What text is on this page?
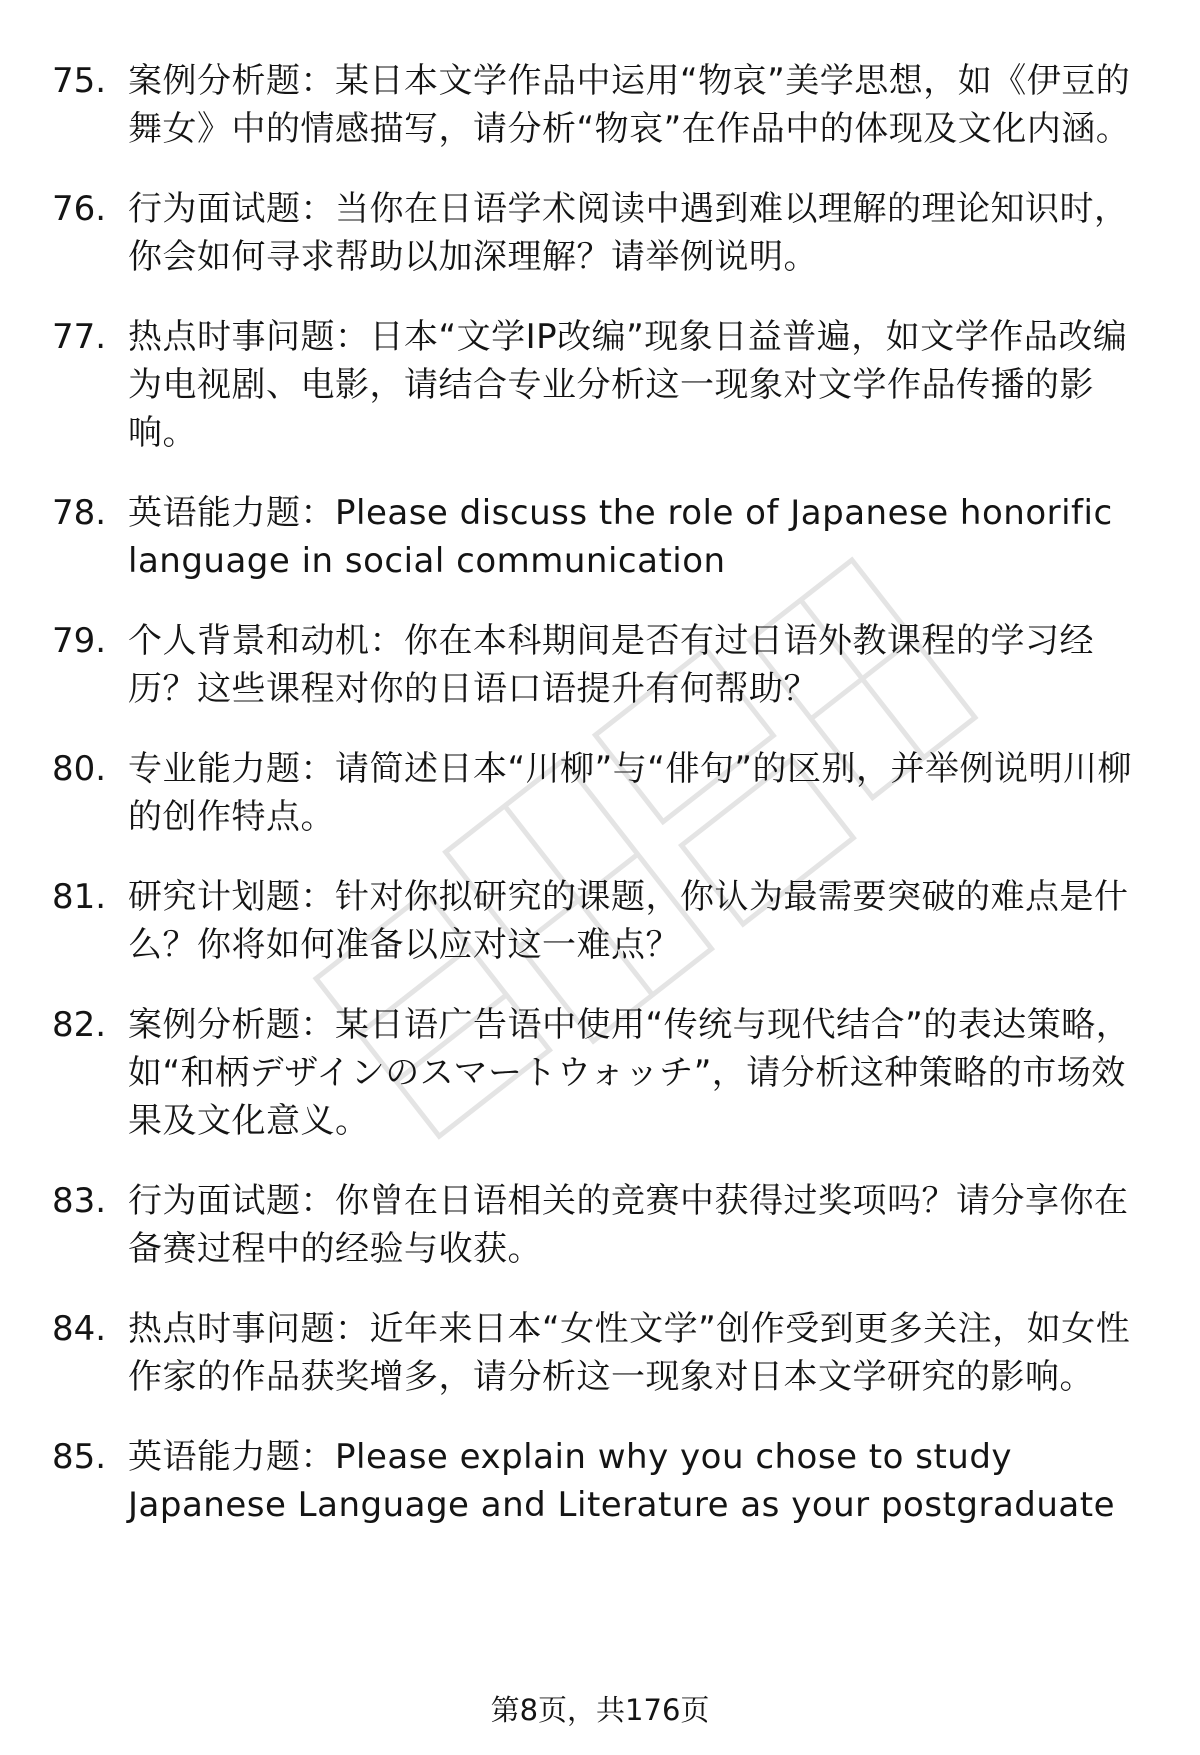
75. 案例分析题：某日本文学作品中运用“物哀”美学思想，如《伊豆的舞女》中的情感描写，请分析“物哀”在作品中的体现及文化内涵。
76. 行为面试题：当你在日语学术阅读中遇到难以理解的理论知识时，你会如何寻求帮助以加深理解？请举例说明。
77. 热点时事问题：日本“文学IP改编”现象日益普遍，如文学作品改编为电视剧、电影，请结合专业分析这一现象对文学作品传播的影响。
78. 英语能力题：Please discuss the role of Japanese honorific language in social communication
79. 个人背景和动机：你在本科期间是否有过日语外教课程的学习经历？这些课程对你的日语口语提升有何帮助？
80. 专业能力题：请简述日本“川柳”与“俳句”的区别，并举例说明川柳的创作特点。
81. 研究计划题：针对你拟研究的课题，你认为最需要突破的难点是什么？你将如何准备以应对这一难点？
82. 案例分析题：某日语广告语中使用“传统与现代结合”的表达策略，如“和柄デザインのスマートウォッチ”，请分析这种策略的市场效果及文化意义。
83. 行为面试题：你曾在日语相关的竞赛中获得过奖项吗？请分享你在备赛过程中的经验与收获。
84. 热点时事问题：近年来日本“女性文学”创作受到更多关注，如女性作家的作品获奖增多，请分析这一现象对日本文学研究的影响。
85. 英语能力题：Please explain why you chose to study Japanese Language and Literature as your postgraduate
第8页，共176页
